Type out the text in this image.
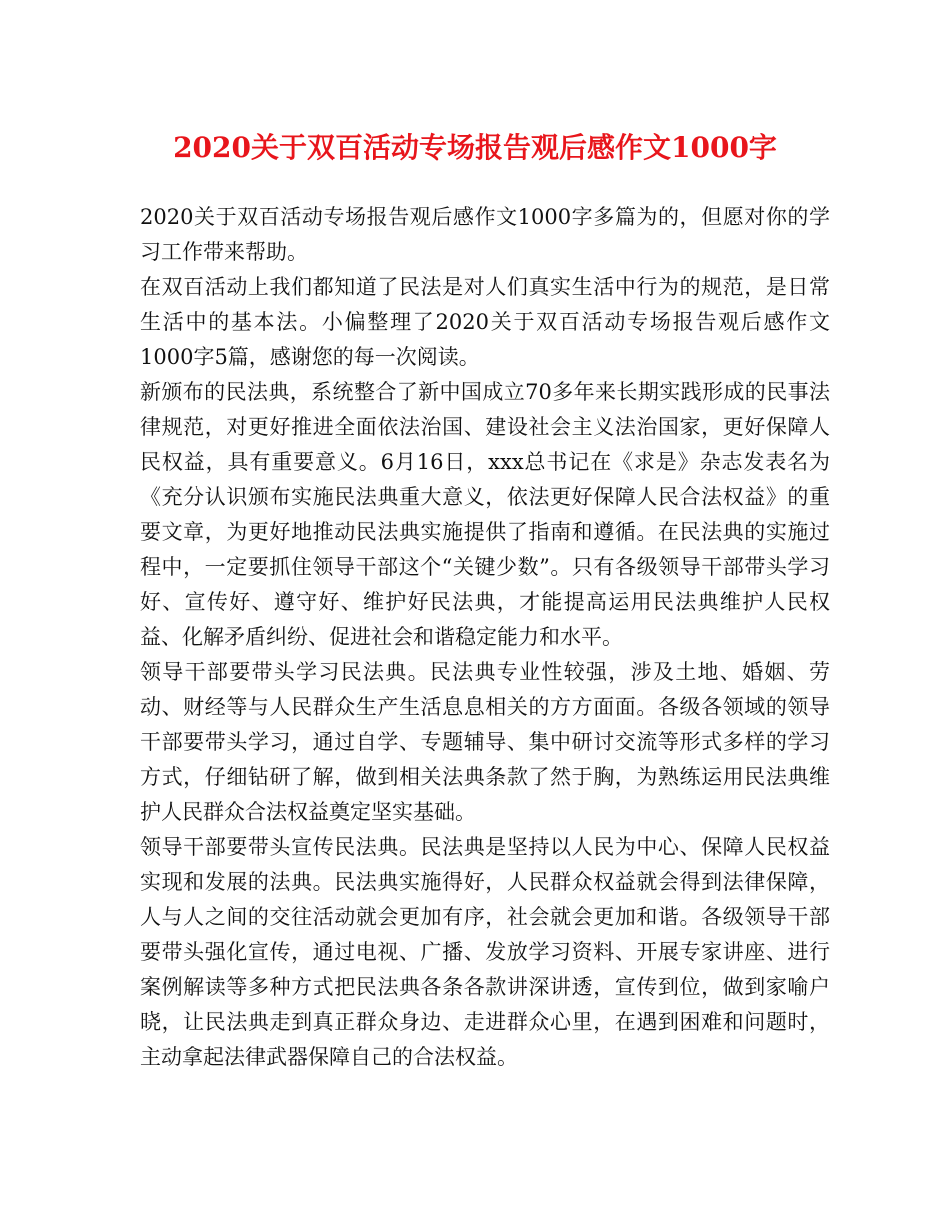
2020关于双百活动专场报告观后感作文1000字

2020关于双百活动专场报告观后感作文1000字多篇为的，但愿对你的学习工作带来帮助。

在双百活动上我们都知道了民法是对人们真实生活中行为的规范，是日常生活中的基本法。小偏整理了2020关于双百活动专场报告观后感作文1000字5篇，感谢您的每一次阅读。

新颁布的民法典，系统整合了新中国成立70多年来长期实践形成的民事法律规范，对更好推进全面依法治国、建设社会主义法治国家，更好保障人民权益，具有重要意义。6月16日，xxx总书记在《求是》杂志发表名为《充分认识颁布实施民法典重大意义，依法更好保障人民合法权益》的重要文章，为更好地推动民法典实施提供了指南和遵循。在民法典的实施过程中，一定要抓住领导干部这个“关键少数”。只有各级领导干部带头学习好、宣传好、遵守好、维护好民法典，才能提高运用民法典维护人民权益、化解矛盾纠纷、促进社会和谐稳定能力和水平。

领导干部要带头学习民法典。民法典专业性较强，涉及土地、婚姻、劳动、财经等与人民群众生产生活息息相关的方方面面。各级各领域的领导干部要带头学习，通过自学、专题辅导、集中研讨交流等形式多样的学习方式，仔细钻研了解，做到相关法典条款了然于胸，为熟练运用民法典维护人民群众合法权益奠定坚实基础。

领导干部要带头宣传民法典。民法典是坚持以人民为中心、保障人民权益实现和发展的法典。民法典实施得好，人民群众权益就会得到法律保障，人与人之间的交往活动就会更加有序，社会就会更加和谐。各级领导干部要带头强化宣传，通过电视、广播、发放学习资料、开展专家讲座、进行案例解读等多种方式把民法典各条各款讲深讲透，宣传到位，做到家喻户晓，让民法典走到真正群众身边、走进群众心里，在遇到困难和问题时，主动拿起法律武器保障自己的合法权益。
